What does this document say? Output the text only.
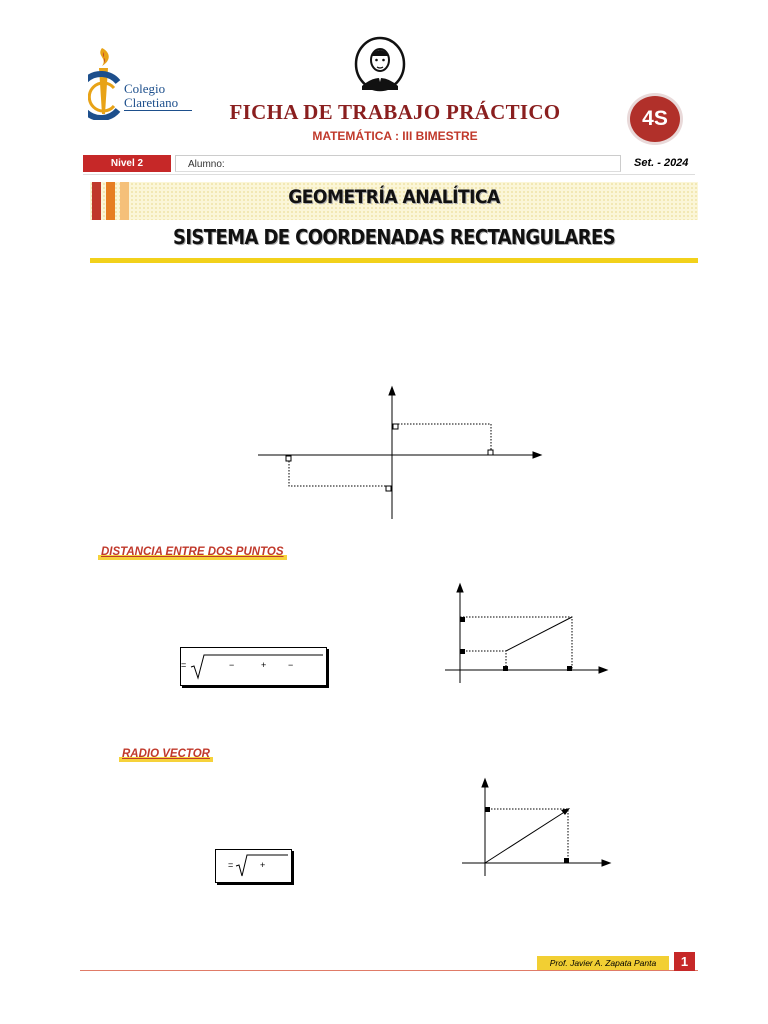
Colegio
Claretiano	FICHA DE TRABAJO PRÁCTICO
MATEMÁTICA : III BIMESTRE
4S
Nivel 2	Alumno:	Set. - 2024
GEOMETRÍA ANALÍTICA
SISTEMA DE COORDENADAS RECTANGULARES
DISTANCIA ENTRE DOS PUNTOS
=	−	+ −
RADIO VECTOR
=	+
Prof. Javier A. Zapata Panta	1
